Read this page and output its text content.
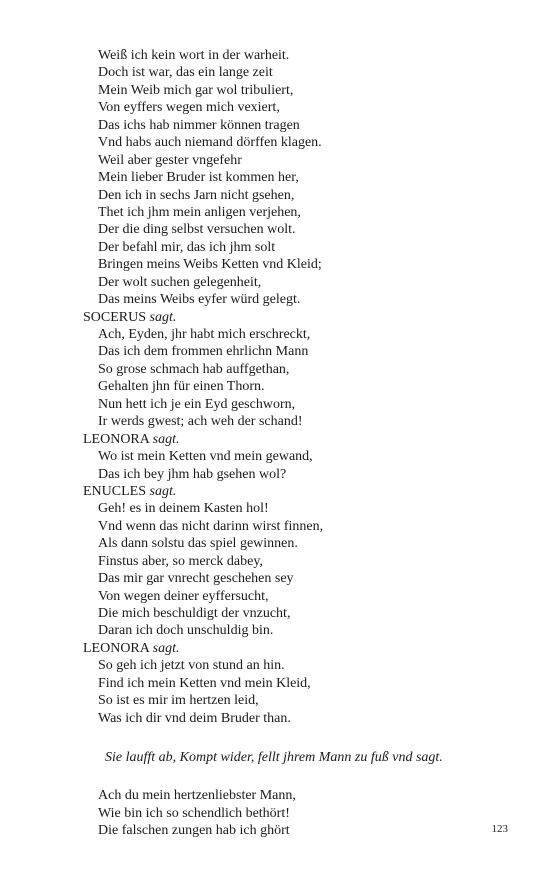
Weiß ich kein wort in der warheit.
Doch ist war, das ein lange zeit
Mein Weib mich gar wol tribuliert,
Von eyffers wegen mich vexiert,
Das ichs hab nimmer können tragen
Vnd habs auch niemand dörffen klagen.
Weil aber gester vngefehr
Mein lieber Bruder ist kommen her,
Den ich in sechs Jarn nicht gsehen,
Thet ich jhm mein anligen verjehen,
Der die ding selbst versuchen wolt.
Der befahl mir, das ich jhm solt
Bringen meins Weibs Ketten vnd Kleid;
Der wolt suchen gelegenheit,
Das meins Weibs eyfer würd gelegt.
SOCERUS sagt.
Ach, Eyden, jhr habt mich erschreckt,
Das ich dem frommen ehrlichn Mann
So grose schmach hab auffgethan,
Gehalten jhn für einen Thorn.
Nun hett ich je ein Eyd geschworn,
Ir werds gwest; ach weh der schand!
LEONORA sagt.
Wo ist mein Ketten vnd mein gewand,
Das ich bey jhm hab gsehen wol?
ENUCLES sagt.
Geh! es in deinem Kasten hol!
Vnd wenn das nicht darinn wirst finnen,
Als dann solstu das spiel gewinnen.
Finstus aber, so merck dabey,
Das mir gar vnrecht geschehen sey
Von wegen deiner eyffersucht,
Die mich beschuldigt der vnzucht,
Daran ich doch unschuldig bin.
LEONORA sagt.
So geh ich jetzt von stund an hin.
Find ich mein Ketten vnd mein Kleid,
So ist es mir im hertzen leid,
Was ich dir vnd deim Bruder than.
Sie laufft ab, Kompt wider, fellt jhrem Mann zu fuß vnd sagt.
Ach du mein hertzenliebster Mann,
Wie bin ich so schendlich bethört!
Die falschen zungen hab ich ghört	123
